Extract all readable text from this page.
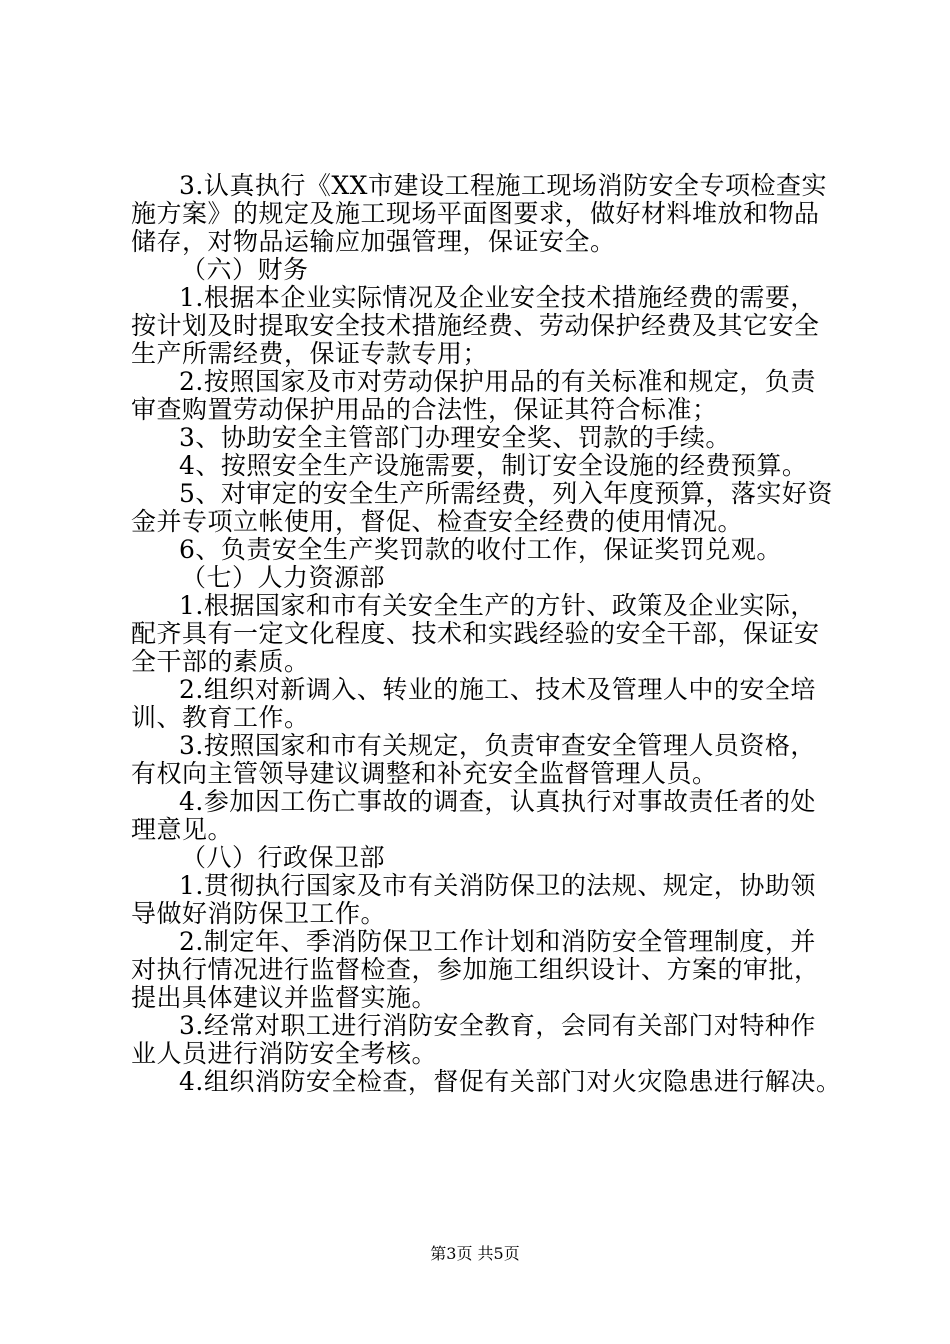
3.认真执行《XX市建设工程施工现场消防安全专项检查实
施方案》的规定及施工现场平面图要求，做好材料堆放和物品
储存，对物品运输应加强管理，保证安全。
（六）财务
1.根据本企业实际情况及企业安全技术措施经费的需要，
按计划及时提取安全技术措施经费、劳动保护经费及其它安全
生产所需经费，保证专款专用；
2.按照国家及市对劳动保护用品的有关标准和规定，负责
审查购置劳动保护用品的合法性，保证其符合标准；
3、协助安全主管部门办理安全奖、罚款的手续。
4、按照安全生产设施需要，制订安全设施的经费预算。
5、对审定的安全生产所需经费，列入年度预算，落实好资
金并专项立帐使用，督促、检查安全经费的使用情况。
6、负责安全生产奖罚款的收付工作，保证奖罚兑观。
（七）人力资源部
1.根据国家和市有关安全生产的方针、政策及企业实际，
配齐具有一定文化程度、技术和实践经验的安全干部，保证安
全干部的素质。
2.组织对新调入、转业的施工、技术及管理人中的安全培
训、教育工作。
3.按照国家和市有关规定，负责审查安全管理人员资格，
有权向主管领导建议调整和补充安全监督管理人员。
4.参加因工伤亡事故的调查，认真执行对事故责任者的处
理意见。
（八）行政保卫部
1.贯彻执行国家及市有关消防保卫的法规、规定，协助领
导做好消防保卫工作。
2.制定年、季消防保卫工作计划和消防安全管理制度，并
对执行情况进行监督检查，参加施工组织设计、方案的审批，
提出具体建议并监督实施。
3.经常对职工进行消防安全教育，会同有关部门对特种作
业人员进行消防安全考核。
4.组织消防安全检查，督促有关部门对火灾隐患进行解决。
第3页 共5页
